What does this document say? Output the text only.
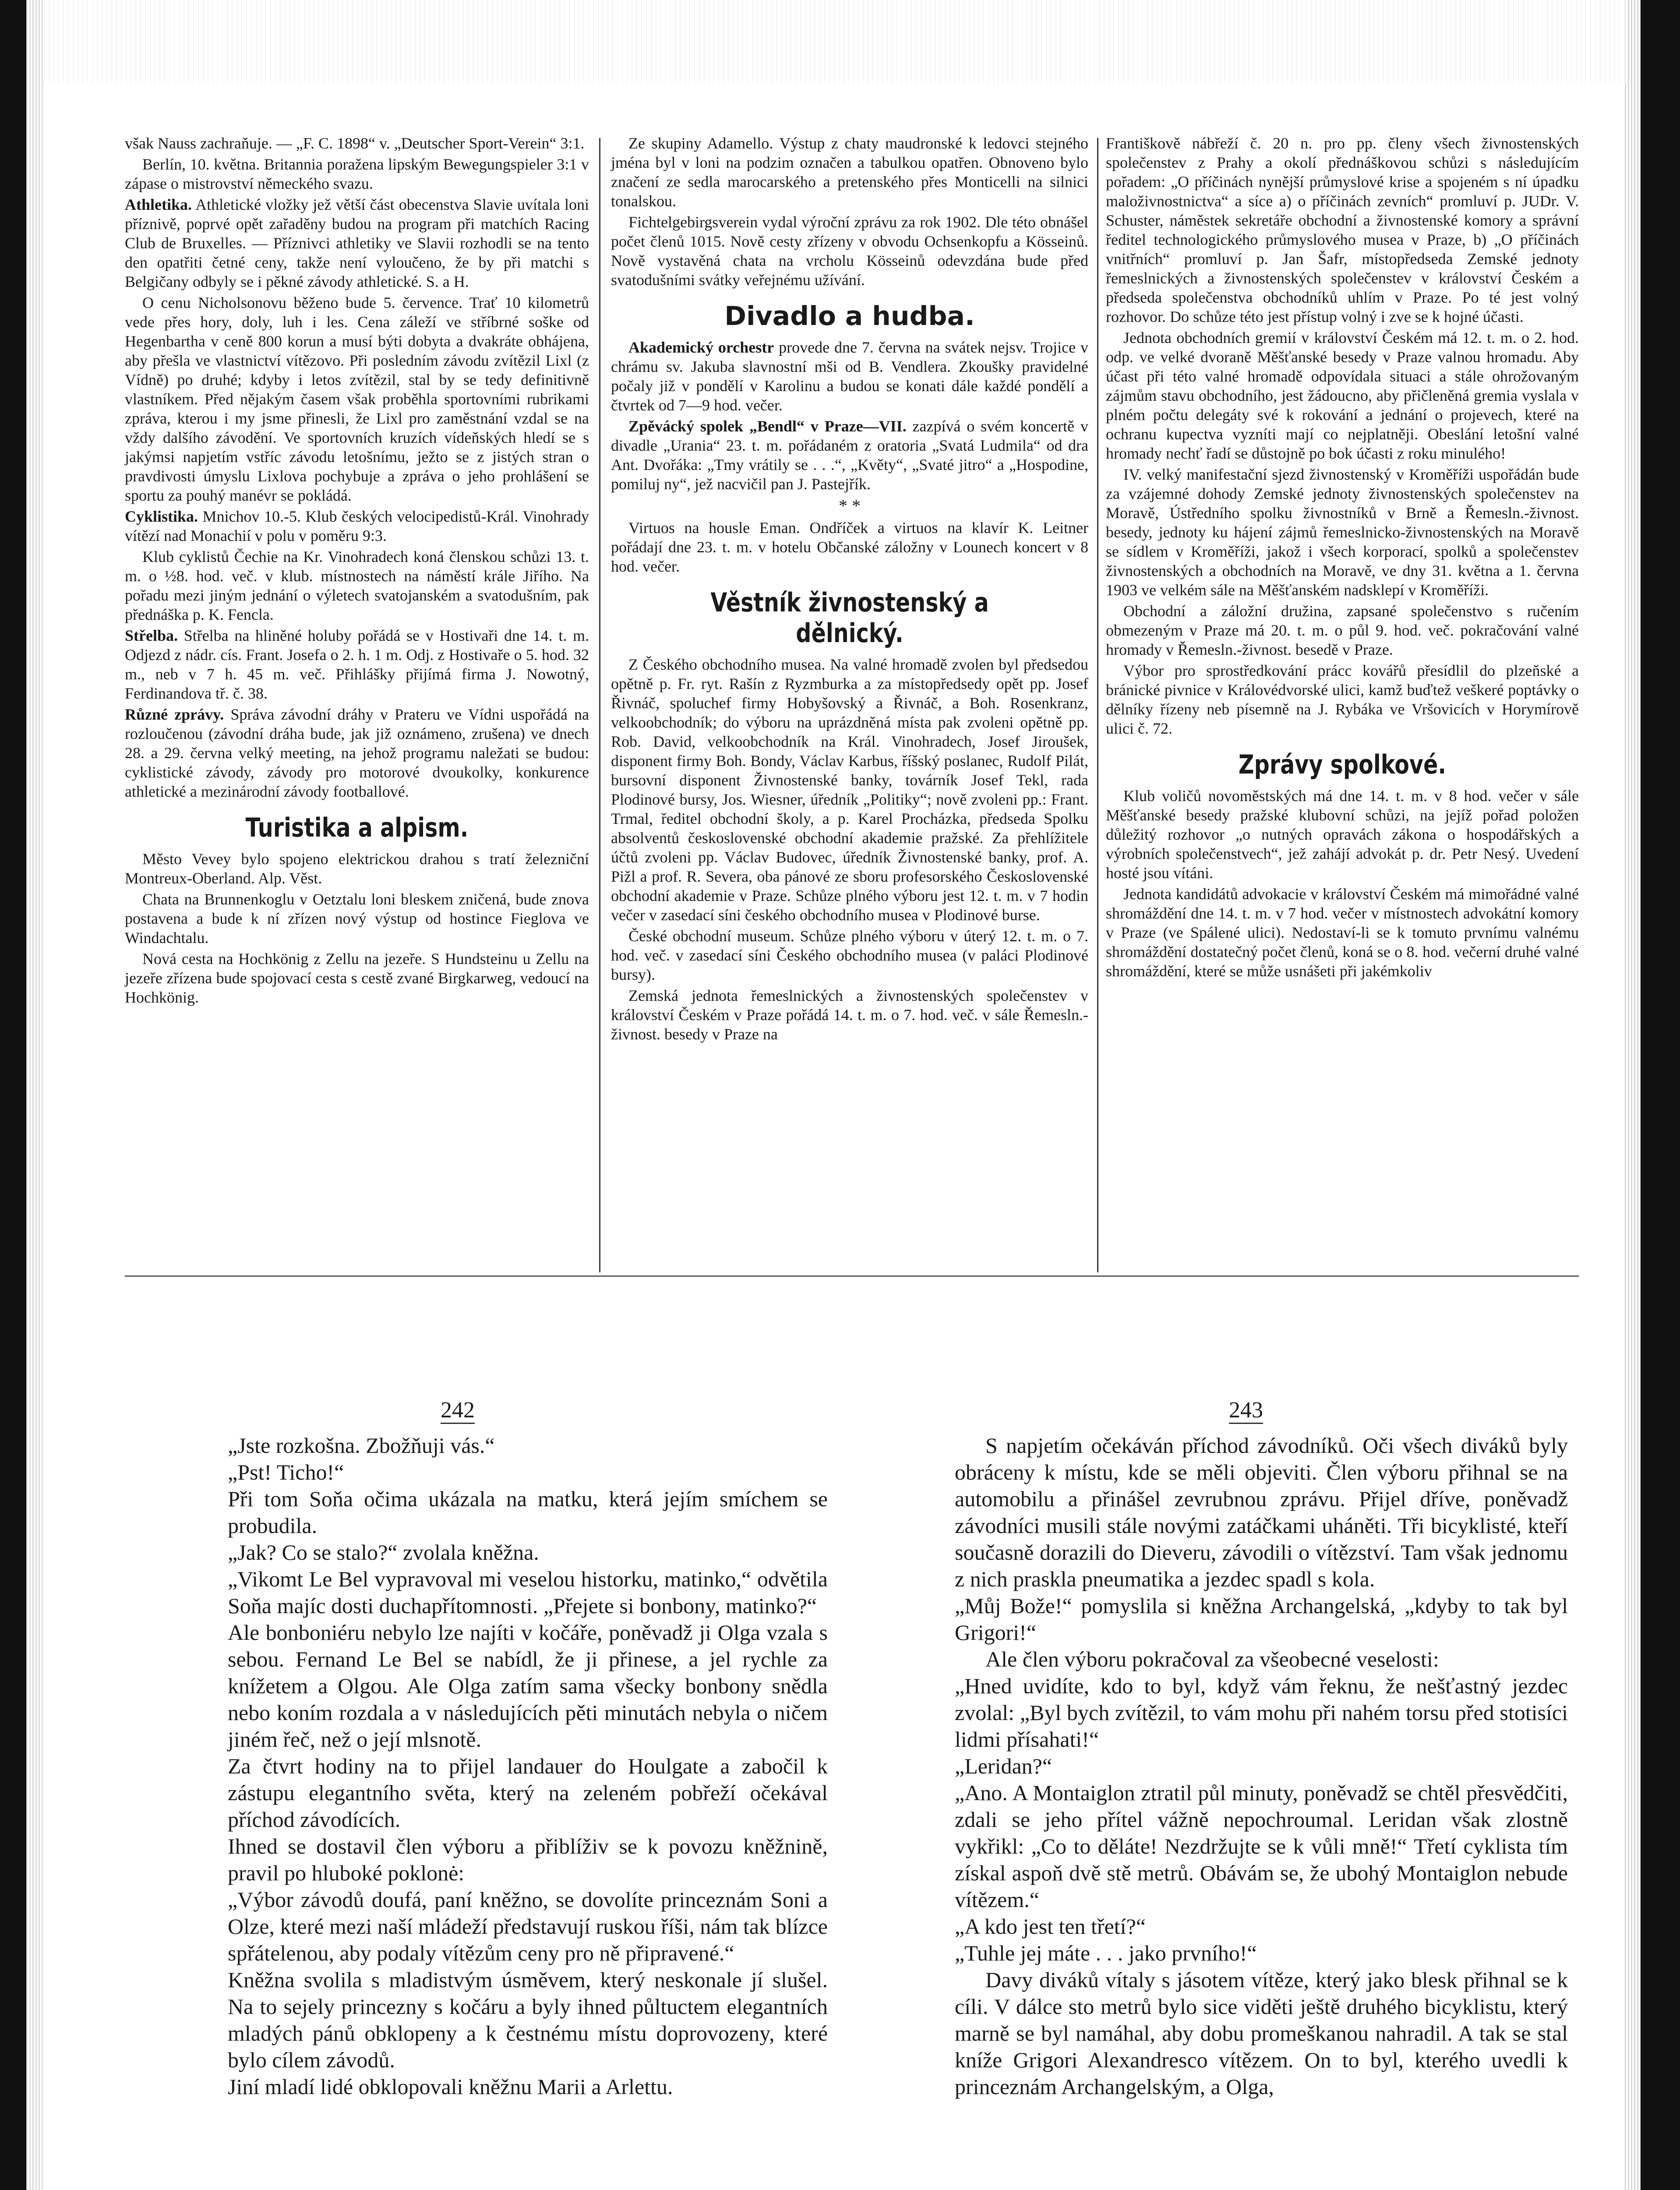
však Nauss zachraňuje. — „F. C. 1898“ v. „Deutscher Sport-Verein“ 3:1.

Berlín, 10. května. Britannia poražena lipským Bewegungspieler 3:1 v zápase o mistrovství německého svazu.

Athletika. Athletické vložky jež větší část obecenstva Slavie uvítala loni příznivě, poprvé opět zařaděny budou na program při matchích Racing Club de Bruxelles. — Příznivci athletiky ve Slavii rozhodli se na tento den opatřiti četné ceny, takže není vyloučeno, že by při matchi s Belgičany odbyly se i pěkné závody athletické. S. a H.

O cenu Nicholsonovu běženo bude 5. července. Trať 10 kilometrů vede přes hory, doly, luh i les. Cena záleží ve stříbrné soške od Hegenbartha v ceně 800 korun a musí býti dobyta a dvakráte obhájena, aby přešla ve vlastnictví vítězovo. Při posledním závodu zvítězil Lixl (z Vídně) po druhé; kdyby i letos zvítězil, stal by se tedy definitivně vlastníkem. Před nějakým časem však proběhla sportovními rubrikami zpráva, kterou i my jsme přinesli, že Lixl pro zaměstnání vzdal se na vždy dalšího závodění. Ve sportovních kruzích vídeňských hledí se s jakýmsi napjetím vstříc závodu letošnímu, ježto se z jistých stran o pravdivosti úmyslu Lixlova pochybuje a zpráva o jeho prohlášení se sportu za pouhý manévr se pokládá.

Cyklistika. Mnichov 10.-5. Klub českých velocipedistů-Král. Vinohrady vítězí nad Monachií v polu v poměru 9:3.

Klub cyklistů Čechie na Kr. Vinohradech koná členskou schůzi 13. t. m. o ½8. hod. več. v klub. místnostech na náměstí krále Jiřího. Na pořadu mezi jiným jednání o výletech svatojanském a svatodušním, pak přednáška p. K. Fencla.

Střelba. Střelba na hliněné holuby pořádá se v Hostivaři dne 14. t. m. Odjezd z nádr. cís. Frant. Josefa o 2. h. 1 m. Odj. z Hostivaře o 5. hod. 32 m., neb v 7 h. 45 m. več. Přihlášky přijímá firma J. Nowotný, Ferdinandova tř. č. 38.

Různé zprávy. Správa závodní dráhy v Prateru ve Vídni uspořádá na rozloučenou (závodní dráha bude, jak již oznámeno, zrušena) ve dnech 28. a 29. června velký meeting, na jehož programu naležati se budou: cyklistické závody, závody pro motorové dvoukolky, konkurence athletické a mezinárodní závody footballové.

Turistika a alpism.

Město Vevey bylo spojeno elektrickou drahou s tratí železniční Montreux-Oberland. Alp. Věst.

Chata na Brunnenkoglu v Oetztalu loni bleskem zničená, bude znova postavena a bude k ní zřízen nový výstup od hostince Fieglova ve Windachtalu.

Nová cesta na Hochkönig z Zellu na jezeře. S Hundsteinu u Zellu na jezeře zřízena bude spojovací cesta s cestě zvané Birgkarweg, vedoucí na Hochkönig.

Ze skupiny Adamello. Výstup z chaty maudronské k ledovci stejného jména byl v loni na podzim označen a tabulkou opatřen. Obnoveno bylo značení ze sedla marocarského a pretenského přes Monticelli na silnici tonalskou.

Fichtelgebirgsverein vydal výroční zprávu za rok 1902. Dle této obnášel počet členů 1015. Nově cesty zřízeny v obvodu Ochsenkopfu a Kösseinů. Nově vystavěná chata na vrcholu Kösseinů odevzdána bude před svatodušními svátky veřejnému užívání.

Divadlo a hudba.

Akademický orchestr provede dne 7. června na svátek nejsv. Trojice v chrámu sv. Jakuba slavnostní mši od B. Vendlera. Zkoušky pravidelné počaly již v pondělí v Karolinu a budou se konati dále každé pondělí a čtvrtek od 7—9 hod. večer.

Zpěvácký spolek „Bendl“ v Praze—VII. zazpívá o svém koncertě v divadle „Urania“ 23. t. m. pořádaném z oratoria „Svatá Ludmila“ od dra Ant. Dvořáka: „Tmy vrátily se . . .“, „Květy“, „Svaté jitro“ a „Hospodine, pomiluj ny“, jež nacvičil pan J. Pastejřík.

* *

Virtuos na housle Eman. Ondříček a virtuos na klavír K. Leitner pořádají dne 23. t. m. v hotelu Občanské záložny v Lounech koncert v 8 hod. večer.

Věstník živnostenský a dělnický.

Z Českého obchodního musea. Na valné hromadě zvolen byl předsedou opětně p. Fr. ryt. Rašín z Ryzmburka a za místopředsedy opět pp. Josef Řivnáč, spoluchef firmy Hobyšovský a Řivnáč, a Boh. Rosenkranz, velkoobchodník; do výboru na uprázdněná místa pak zvoleni opětně pp. Rob. David, velkoobchodník na Král. Vinohradech, Josef Jiroušek, disponent firmy Boh. Bondy, Václav Karbus, říšský poslanec, Rudolf Pilát, bursovní disponent Živnostenské banky, továrník Josef Tekl, rada Plodinové bursy, Jos. Wiesner, úředník „Politiky“; nově zvoleni pp.: Frant. Trmal, ředitel obchodní školy, a p. Karel Procházka, předseda Spolku absolventů československé obchodní akademie pražské. Za přehlížitele účtů zvoleni pp. Václav Budovec, úředník Živnostenské banky, prof. A. Pižl a prof. R. Severa, oba pánové ze sboru profesorského Československé obchodní akademie v Praze. Schůze plného výboru jest 12. t. m. v 7 hodin večer v zasedací síni českého obchodního musea v Plodinové burse.

České obchodní museum. Schůze plného výboru v úterý 12. t. m. o 7. hod. več. v zasedací síni Českého obchodního musea (v paláci Plodinové bursy).

Zemská jednota řemeslnických a živnostenských společenstev v království Českém v Praze pořádá 14. t. m. o 7. hod. več. v sále Řemesln.-živnost. besedy v Praze na

Františkově nábřeží č. 20 n. pro pp. členy všech živnostenských společenstev z Prahy a okolí přednáškovou schůzi s následujícím pořadem: „O příčinách nynější průmyslové krise a spojeném s ní úpadku maloživnostnictva“ a síce a) o příčinách zevních“ promluví p. JUDr. V. Schuster, náměstek sekretáře obchodní a živnostenské komory a správní ředitel technologického průmyslového musea v Praze, b) „O příčinách vnitřních“ promluví p. Jan Šafr, místopředseda Zemské jednoty řemeslnických a živnostenských společenstev v království Českém a předseda společenstva obchodníků uhlím v Praze. Po té jest volný rozhovor. Do schůze této jest přístup volný i zve se k hojné účasti.

Jednota obchodních gremií v království Českém má 12. t. m. o 2. hod. odp. ve velké dvoraně Měšťanské besedy v Praze valnou hromadu. Aby účast při této valné hromadě odpovídala situaci a stále ohrožovaným zájmům stavu obchodního, jest žádoucno, aby přičleněná gremia vyslala v plném počtu delegáty své k rokování a jednání o projevech, které na ochranu kupectva vyzníti mají co nejplatněji. Obeslání letošní valné hromady nechť řadí se důstojně po bok účasti z roku minulého!

IV. velký manifestační sjezd živnostenský v Kroměříži uspořádán bude za vzájemné dohody Zemské jednoty živnostenských společenstev na Moravě, Ústředního spolku živnostníků v Brně a Řemesln.-živnost. besedy, jednoty ku hájení zájmů řemeslnicko-živnostenských na Moravě se sídlem v Kroměříži, jakož i všech korporací, spolků a společenstev živnostenských a obchodních na Moravě, ve dny 31. května a 1. června 1903 ve velkém sále na Měšťanském nadsklepí v Kroměříži.

Obchodní a záložní družina, zapsané společenstvo s ručením obmezeným v Praze má 20. t. m. o půl 9. hod. več. pokračování valné hromady v Řemesln.-živnost. besedě v Praze.

Výbor pro sprostředkování prácc kovářů přesídlil do plzeňské a bránické pivnice v Královédvorské ulici, kamž buďtež veškeré poptávky o dělníky řízeny neb písemně na J. Rybáka ve Vršovicích v Horymírově ulici č. 72.

Zprávy spolkové.

Klub voličů novoměstských má dne 14. t. m. v 8 hod. večer v sále Měšťanské besedy pražské klubovní schůzi, na jejíž pořad položen důležitý rozhovor „o nutných opravách zákona o hospodářských a výrobních společenstvech“, jež zahájí advokát p. dr. Petr Nesý. Uvedení hosté jsou vítáni.

Jednota kandidátů advokacie v království Českém má mimořádné valné shromáždění dne 14. t. m. v 7 hod. večer v místnostech advokátní komory v Praze (ve Spálené ulici). Nedostaví-li se k tomuto prvnímu valnému shromáždění dostatečný počet členů, koná se o 8. hod. večerní druhé valné shromáždění, které se může usnášeti při jakémkoliv

242	243

„Jste rozkošna. Zbožňuji vás.“

„Pst! Ticho!“

Při tom Soňa očima ukázala na matku, která jejím smíchem se probudila.

„Jak? Co se stalo?“ zvolala kněžna.

„Vikomt Le Bel vypravoval mi veselou historku, matinko,“ odvětila Soňa majíc dosti duchapřítomnosti. „Přejete si bonbony, matinko?“

Ale bonboniéru nebylo lze najíti v kočáře, poněvadž ji Olga vzala s sebou. Fernand Le Bel se nabídl, že ji přinese, a jel rychle za knížetem a Olgou. Ale Olga zatím sama všecky bonbony snědla nebo koním rozdala a v následujících pěti minutách nebyla o ničem jiném řeč, než o její mlsnotě.

Za čtvrt hodiny na to přijel landauer do Houlgate a zabočil k zástupu elegantního světa, který na zeleném pobřeží očekával příchod závodících.

Ihned se dostavil člen výboru a přiblíživ se k povozu kněžnině, pravil po hluboké poklonė:

„Výbor závodů doufá, paní kněžno, se dovolíte princeznám Soni a Olze, které mezi naší mládeží představují ruskou říši, nám tak blízce spřátelenou, aby podaly vítězům ceny pro ně připravené.“

Kněžna svolila s mladistvým úsměvem, který neskonale jí slušel. Na to sejely princezny s kočáru a byly ihned půltuctem elegantních mladých pánů obklopeny a k čestnému místu doprovozeny, které bylo cílem závodů.

Jiní mladí lidé obklopovali kněžnu Marii a Arlettu.

S napjetím očekáván příchod závodníků. Oči všech diváků byly obráceny k místu, kde se měli objeviti. Člen výboru přihnal se na automobilu a přinášel zevrubnou zprávu. Přijel dříve, poněvadž závodníci musili stále novými zatáčkami uháněti. Tři bicyklisté, kteří současně dorazili do Dieveru, závodili o vítězství. Tam však jednomu z nich praskla pneumatika a jezdec spadl s kola.

„Můj Bože!“ pomyslila si kněžna Archangelská, „kdyby to tak byl Grigori!“

Ale člen výboru pokračoval za všeobecné veselosti:

„Hned uvidíte, kdo to byl, když vám řeknu, že nešťastný jezdec zvolal: „Byl bych zvítězil, to vám mohu při nahém torsu před stotisíci lidmi přísahati!“

„Leridan?“

„Ano. A Montaiglon ztratil půl minuty, poněvadž se chtěl přesvědčiti, zdali se jeho přítel vážně nepochroumal. Leridan však zlostně vykřikl: „Co to děláte! Nezdržujte se k vůli mně!“ Třetí cyklista tím získal aspoň dvě stě metrů. Obávám se, že ubohý Montaiglon nebude vítězem.“

„A kdo jest ten třetí?“

„Tuhle jej máte . . . jako prvního!“

Davy diváků vítaly s jásotem vítěze, který jako blesk přihnal se k cíli. V dálce sto metrů bylo sice viděti ještě druhého bicyklistu, který marně se byl namáhal, aby dobu promeškanou nahradil. A tak se stal kníže Grigori Alexandresco vítězem. On to byl, kterého uvedli k princeznám Archangelským, a Olga,
